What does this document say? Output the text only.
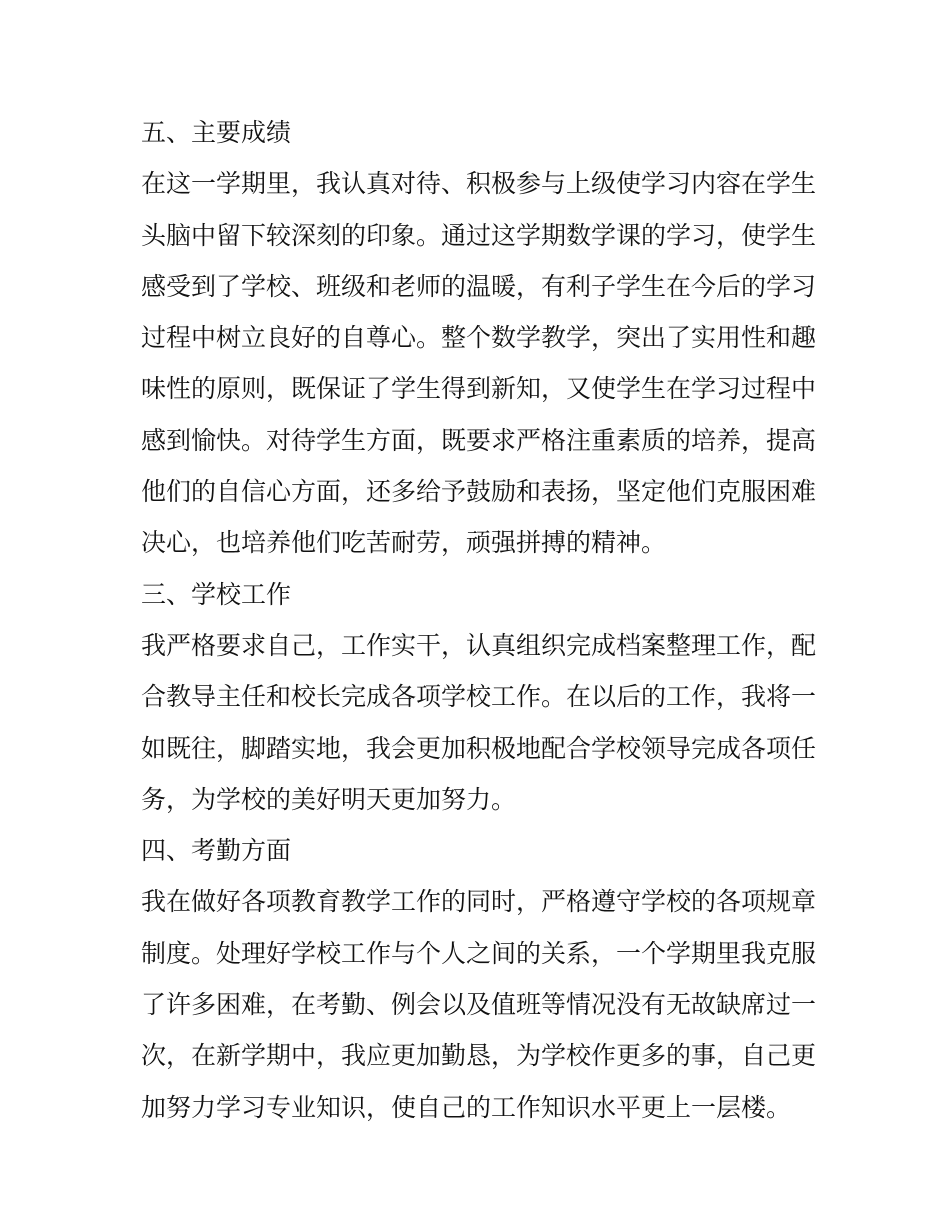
五、主要成绩
在这一学期里，我认真对待、积极参与上级使学习内容在学生
头脑中留下较深刻的印象。通过这学期数学课的学习，使学生
感受到了学校、班级和老师的温暖，有利子学生在今后的学习
过程中树立良好的自尊心。整个数学教学，突出了实用性和趣
味性的原则，既保证了学生得到新知，又使学生在学习过程中
感到愉快。对待学生方面，既要求严格注重素质的培养，提高
他们的自信心方面，还多给予鼓励和表扬，坚定他们克服困难
决心，也培养他们吃苦耐劳，顽强拼搏的精神。
三、学校工作
我严格要求自己，工作实干，认真组织完成档案整理工作，配
合教导主任和校长完成各项学校工作。在以后的工作，我将一
如既往，脚踏实地，我会更加积极地配合学校领导完成各项任
务，为学校的美好明天更加努力。
四、考勤方面
我在做好各项教育教学工作的同时，严格遵守学校的各项规章
制度。处理好学校工作与个人之间的关系，一个学期里我克服
了许多困难，在考勤、例会以及值班等情况没有无故缺席过一
次，在新学期中，我应更加勤恳，为学校作更多的事，自己更
加努力学习专业知识，使自己的工作知识水平更上一层楼。
